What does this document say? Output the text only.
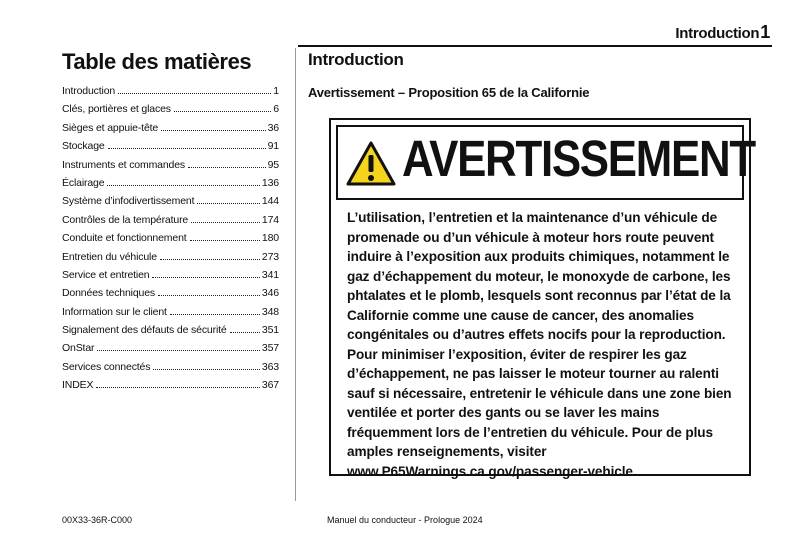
Introduction1
Table des matières
Introduction	1
Clés, portières et glaces	6
Sièges et appuie-tête	36
Stockage	91
Instruments et commandes	95
Éclairage	136
Système d’infodivertissement	144
Contrôles de la température	174
Conduite et fonctionnement	180
Entretien du véhicule	273
Service et entretien	341
Données techniques	346
Information sur le client	348
Signalement des défauts de sécurité	351
OnStar	357
Services connectés	363
INDEX	367
Introduction
Avertissement – Proposition 65 de la Californie
AVERTISSEMENT

L’utilisation, l’entretien et la maintenance d’un véhicule de promenade ou d’un véhicule à moteur hors route peuvent induire à l’exposition aux produits chimiques, notamment le gaz d’échappement du moteur, le monoxyde de carbone, les phtalates et le plomb, lesquels sont reconnus par l’état de la Californie comme une cause de cancer, des anomalies congénitales ou d’autres effets nocifs pour la reproduction.

Pour minimiser l’exposition, éviter de respirer les gaz d’échappement, ne pas laisser le moteur tourner au ralenti sauf si nécessaire, entretenir le véhicule dans une zone bien ventilée et porter des gants ou se laver les mains fréquemment lors de l’entretien du véhicule. Pour de plus amples renseignements, visiter www.P65Warnings.ca.gov/passenger-vehicle.

00X33-36R-C000	Manuel du conducteur - Prologue 2024
